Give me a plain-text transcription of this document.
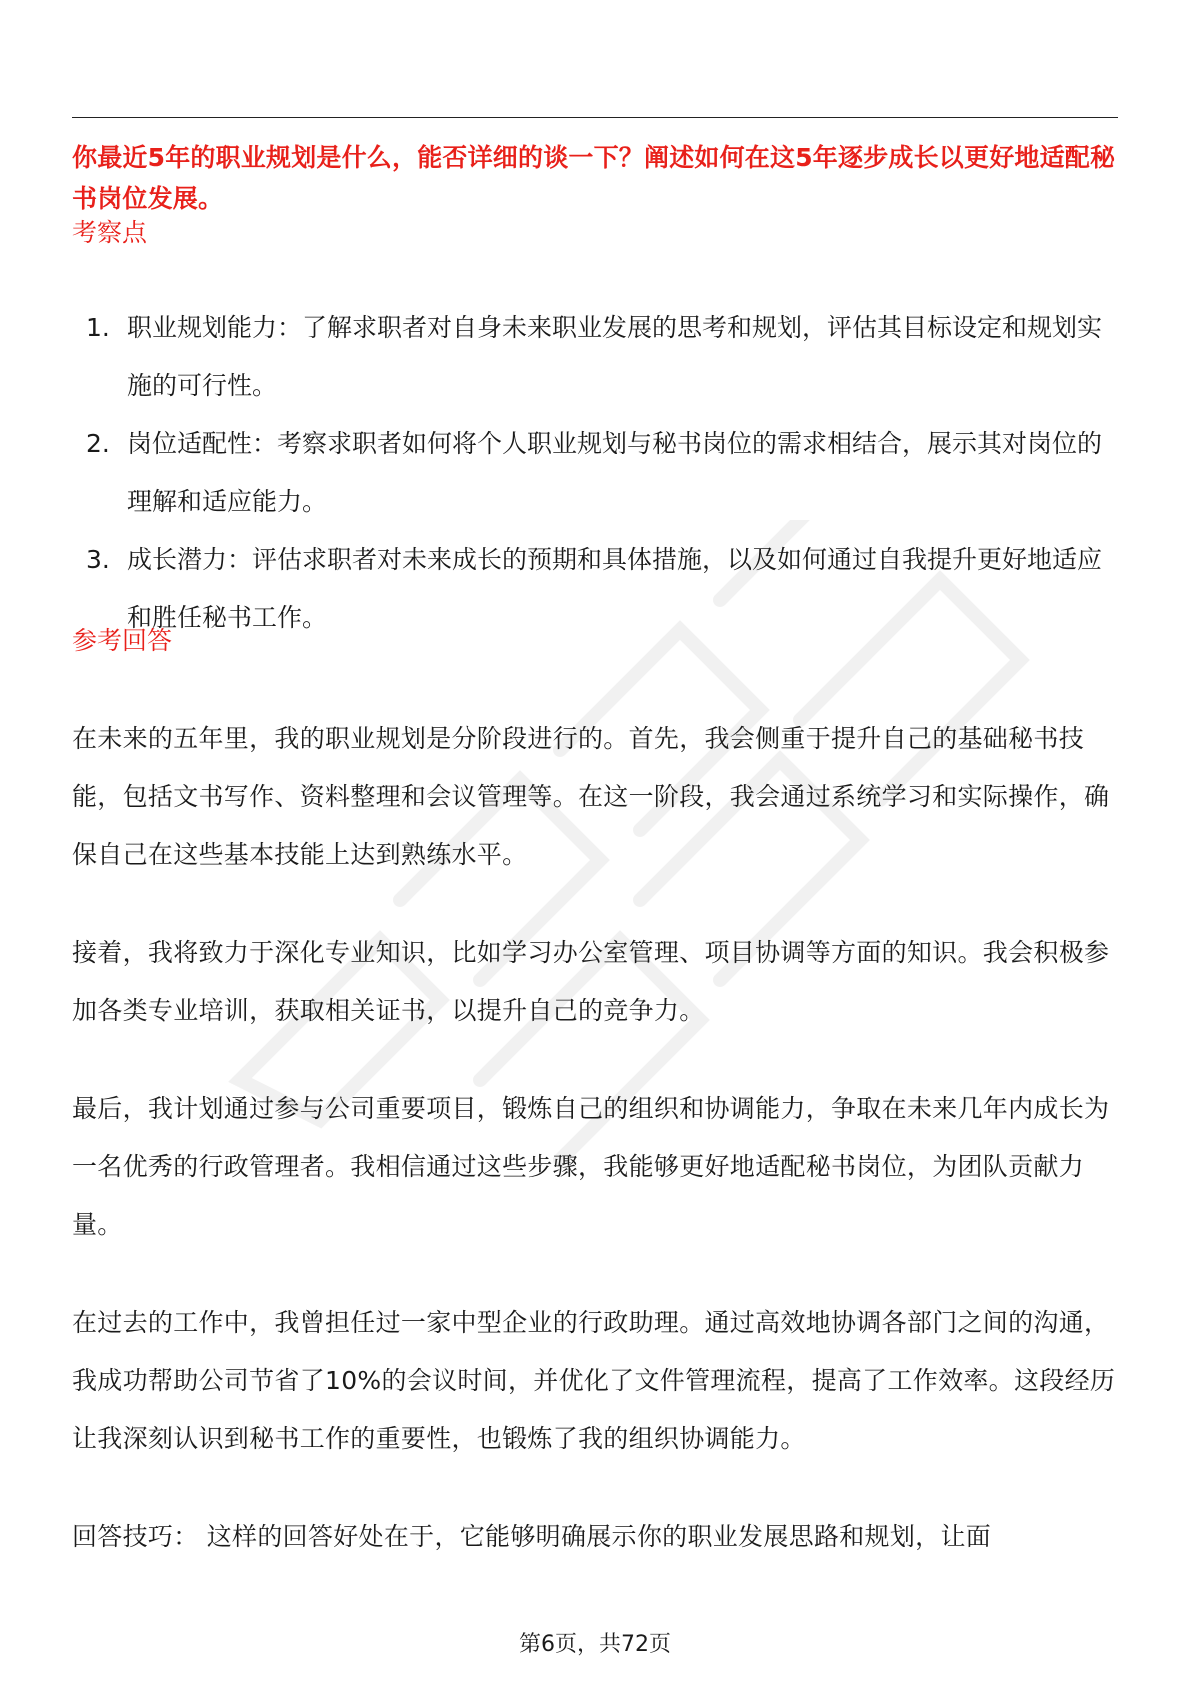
你最近5年的职业规划是什么，能否详细的谈一下？阐述如何在这5年逐步成长以更好地适配秘书岗位发展。
考察点
1. 职业规划能力：了解求职者对自身未来职业发展的思考和规划，评估其目标设定和规划实施的可行性。
2. 岗位适配性：考察求职者如何将个人职业规划与秘书岗位的需求相结合，展示其对岗位的理解和适应能力。
3. 成长潜力：评估求职者对未来成长的预期和具体措施，以及如何通过自我提升更好地适应和胜任秘书工作。
参考回答

在未来的五年里，我的职业规划是分阶段进行的。首先，我会侧重于提升自己的基础秘书技能，包括文书写作、资料整理和会议管理等。在这一阶段，我会通过系统学习和实际操作，确保自己在这些基本技能上达到熟练水平。

接着，我将致力于深化专业知识，比如学习办公室管理、项目协调等方面的知识。我会积极参加各类专业培训，获取相关证书，以提升自己的竞争力。

最后，我计划通过参与公司重要项目，锻炼自己的组织和协调能力，争取在未来几年内成长为一名优秀的行政管理者。我相信通过这些步骤，我能够更好地适配秘书岗位，为团队贡献力量。

在过去的工作中，我曾担任过一家中型企业的行政助理。通过高效地协调各部门之间的沟通，我成功帮助公司节省了10%的会议时间，并优化了文件管理流程，提高了工作效率。这段经历让我深刻认识到秘书工作的重要性，也锻炼了我的组织协调能力。

回答技巧： 这样的回答好处在于，它能够明确展示你的职业发展思路和规划，让面

第6页，共72页
